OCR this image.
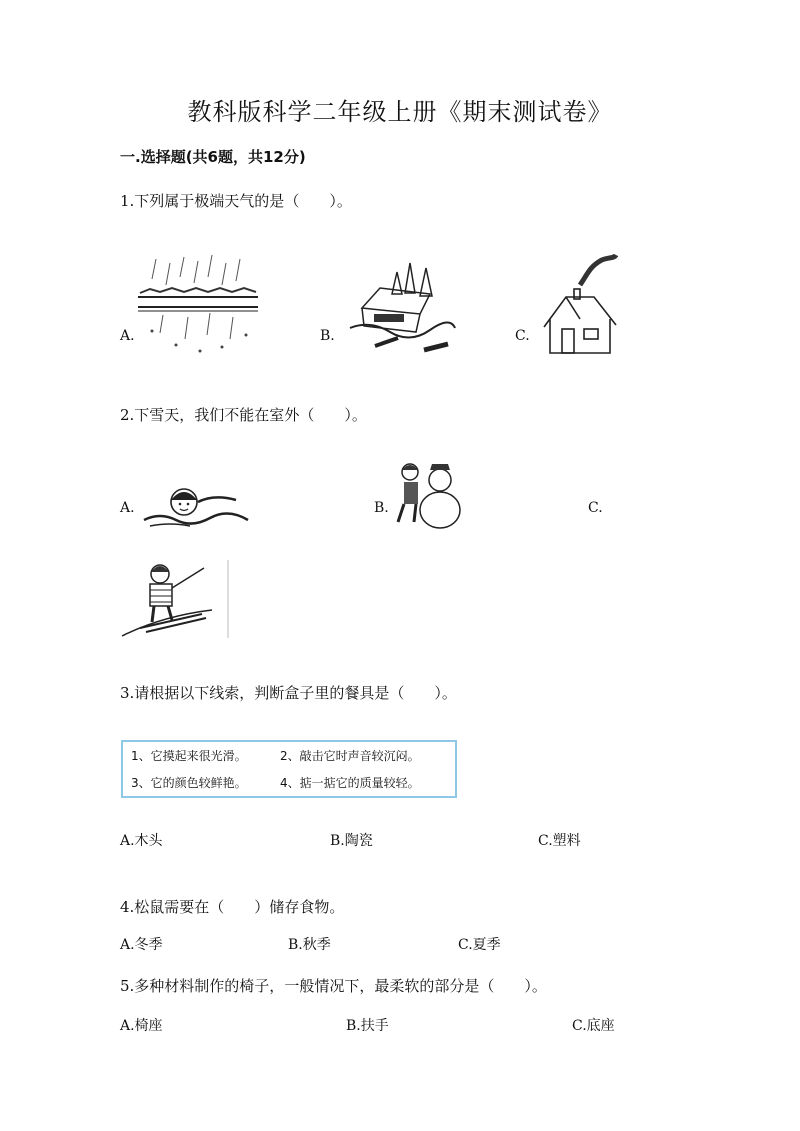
教科版科学二年级上册《期末测试卷》
一.选择题(共6题，共12分)
1.下列属于极端天气的是（　　）。
A.	B.	C.
2.下雪天，我们不能在室外（　　）。
A.	B.	C.
3.请根据以下线索，判断盒子里的餐具是（　　）。
1、它摸起来很光滑。	2、敲击它时声音较沉闷。
3、它的颜色较鲜艳。	4、掂一掂它的质量较轻。
A.木头	B.陶瓷	C.塑料
4.松鼠需要在（　　）储存食物。
A.冬季	B.秋季	C.夏季
5.多种材料制作的椅子，一般情况下，最柔软的部分是（　　）。
A.椅座	B.扶手	C.底座
